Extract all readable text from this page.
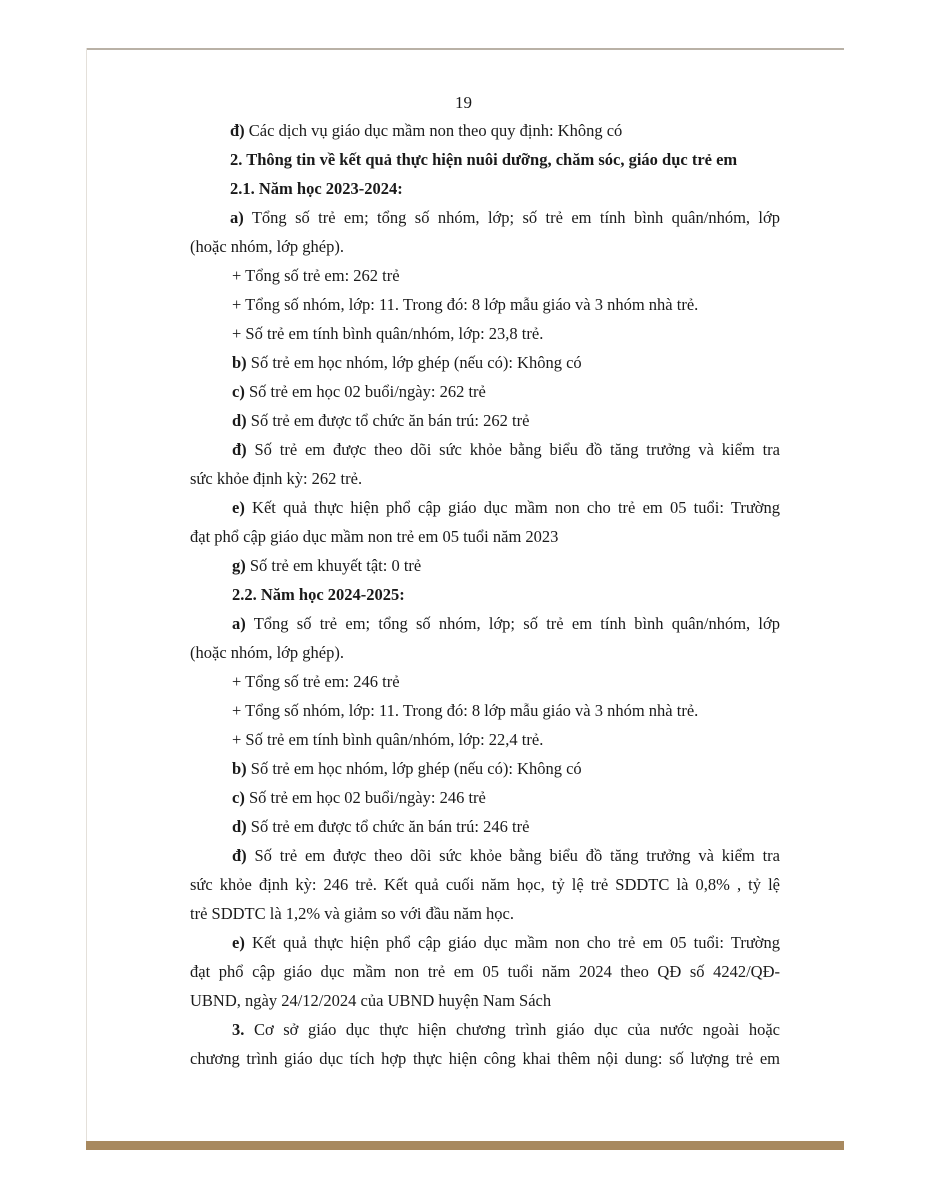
19
đ) Các dịch vụ giáo dục mầm non theo quy định: Không có
2. Thông tin về kết quả thực hiện nuôi dưỡng, chăm sóc, giáo dục trẻ em
2.1. Năm học 2023-2024:
a) Tổng số trẻ em; tổng số nhóm, lớp; số trẻ em tính bình quân/nhóm, lớp
(hoặc nhóm, lớp ghép).
+ Tổng số trẻ em: 262 trẻ
+ Tổng số nhóm, lớp: 11. Trong đó: 8 lớp mẫu giáo và 3 nhóm nhà trẻ.
+ Số trẻ em tính bình quân/nhóm, lớp: 23,8 trẻ.
b) Số trẻ em học nhóm, lớp ghép (nếu có): Không có
c) Số trẻ em học 02 buổi/ngày: 262 trẻ
d) Số trẻ em được tổ chức ăn bán trú: 262 trẻ
đ) Số trẻ em được theo dõi sức khỏe bằng biểu đồ tăng trưởng và kiểm tra
sức khỏe định kỳ: 262 trẻ.
e) Kết quả thực hiện phổ cập giáo dục mầm non cho trẻ em 05 tuổi: Trường
đạt phổ cập giáo dục mầm non trẻ em 05 tuổi năm 2023
g) Số trẻ em khuyết tật: 0 trẻ
2.2. Năm học 2024-2025:
a) Tổng số trẻ em; tổng số nhóm, lớp; số trẻ em tính bình quân/nhóm, lớp
(hoặc nhóm, lớp ghép).
+ Tổng số trẻ em: 246 trẻ
+ Tổng số nhóm, lớp: 11. Trong đó: 8 lớp mẫu giáo và 3 nhóm nhà trẻ.
+ Số trẻ em tính bình quân/nhóm, lớp: 22,4 trẻ.
b) Số trẻ em học nhóm, lớp ghép (nếu có): Không có
c) Số trẻ em học 02 buổi/ngày: 246 trẻ
d) Số trẻ em được tổ chức ăn bán trú: 246 trẻ
đ) Số trẻ em được theo dõi sức khỏe bằng biểu đồ tăng trưởng và kiểm tra
sức khỏe định kỳ: 246 trẻ. Kết quả cuối năm học, tỷ lệ trẻ SDDTC là 0,8% , tỷ lệ
trẻ SDDTC là 1,2% và giảm so với đầu năm học.
e) Kết quả thực hiện phổ cập giáo dục mầm non cho trẻ em 05 tuổi: Trường
đạt phổ cập giáo dục mầm non trẻ em 05 tuổi năm 2024 theo QĐ số 4242/QĐ-
UBND, ngày 24/12/2024 của UBND huyện Nam Sách
3. Cơ sở giáo dục thực hiện chương trình giáo dục của nước ngoài hoặc
chương trình giáo dục tích hợp thực hiện công khai thêm nội dung: số lượng trẻ em
